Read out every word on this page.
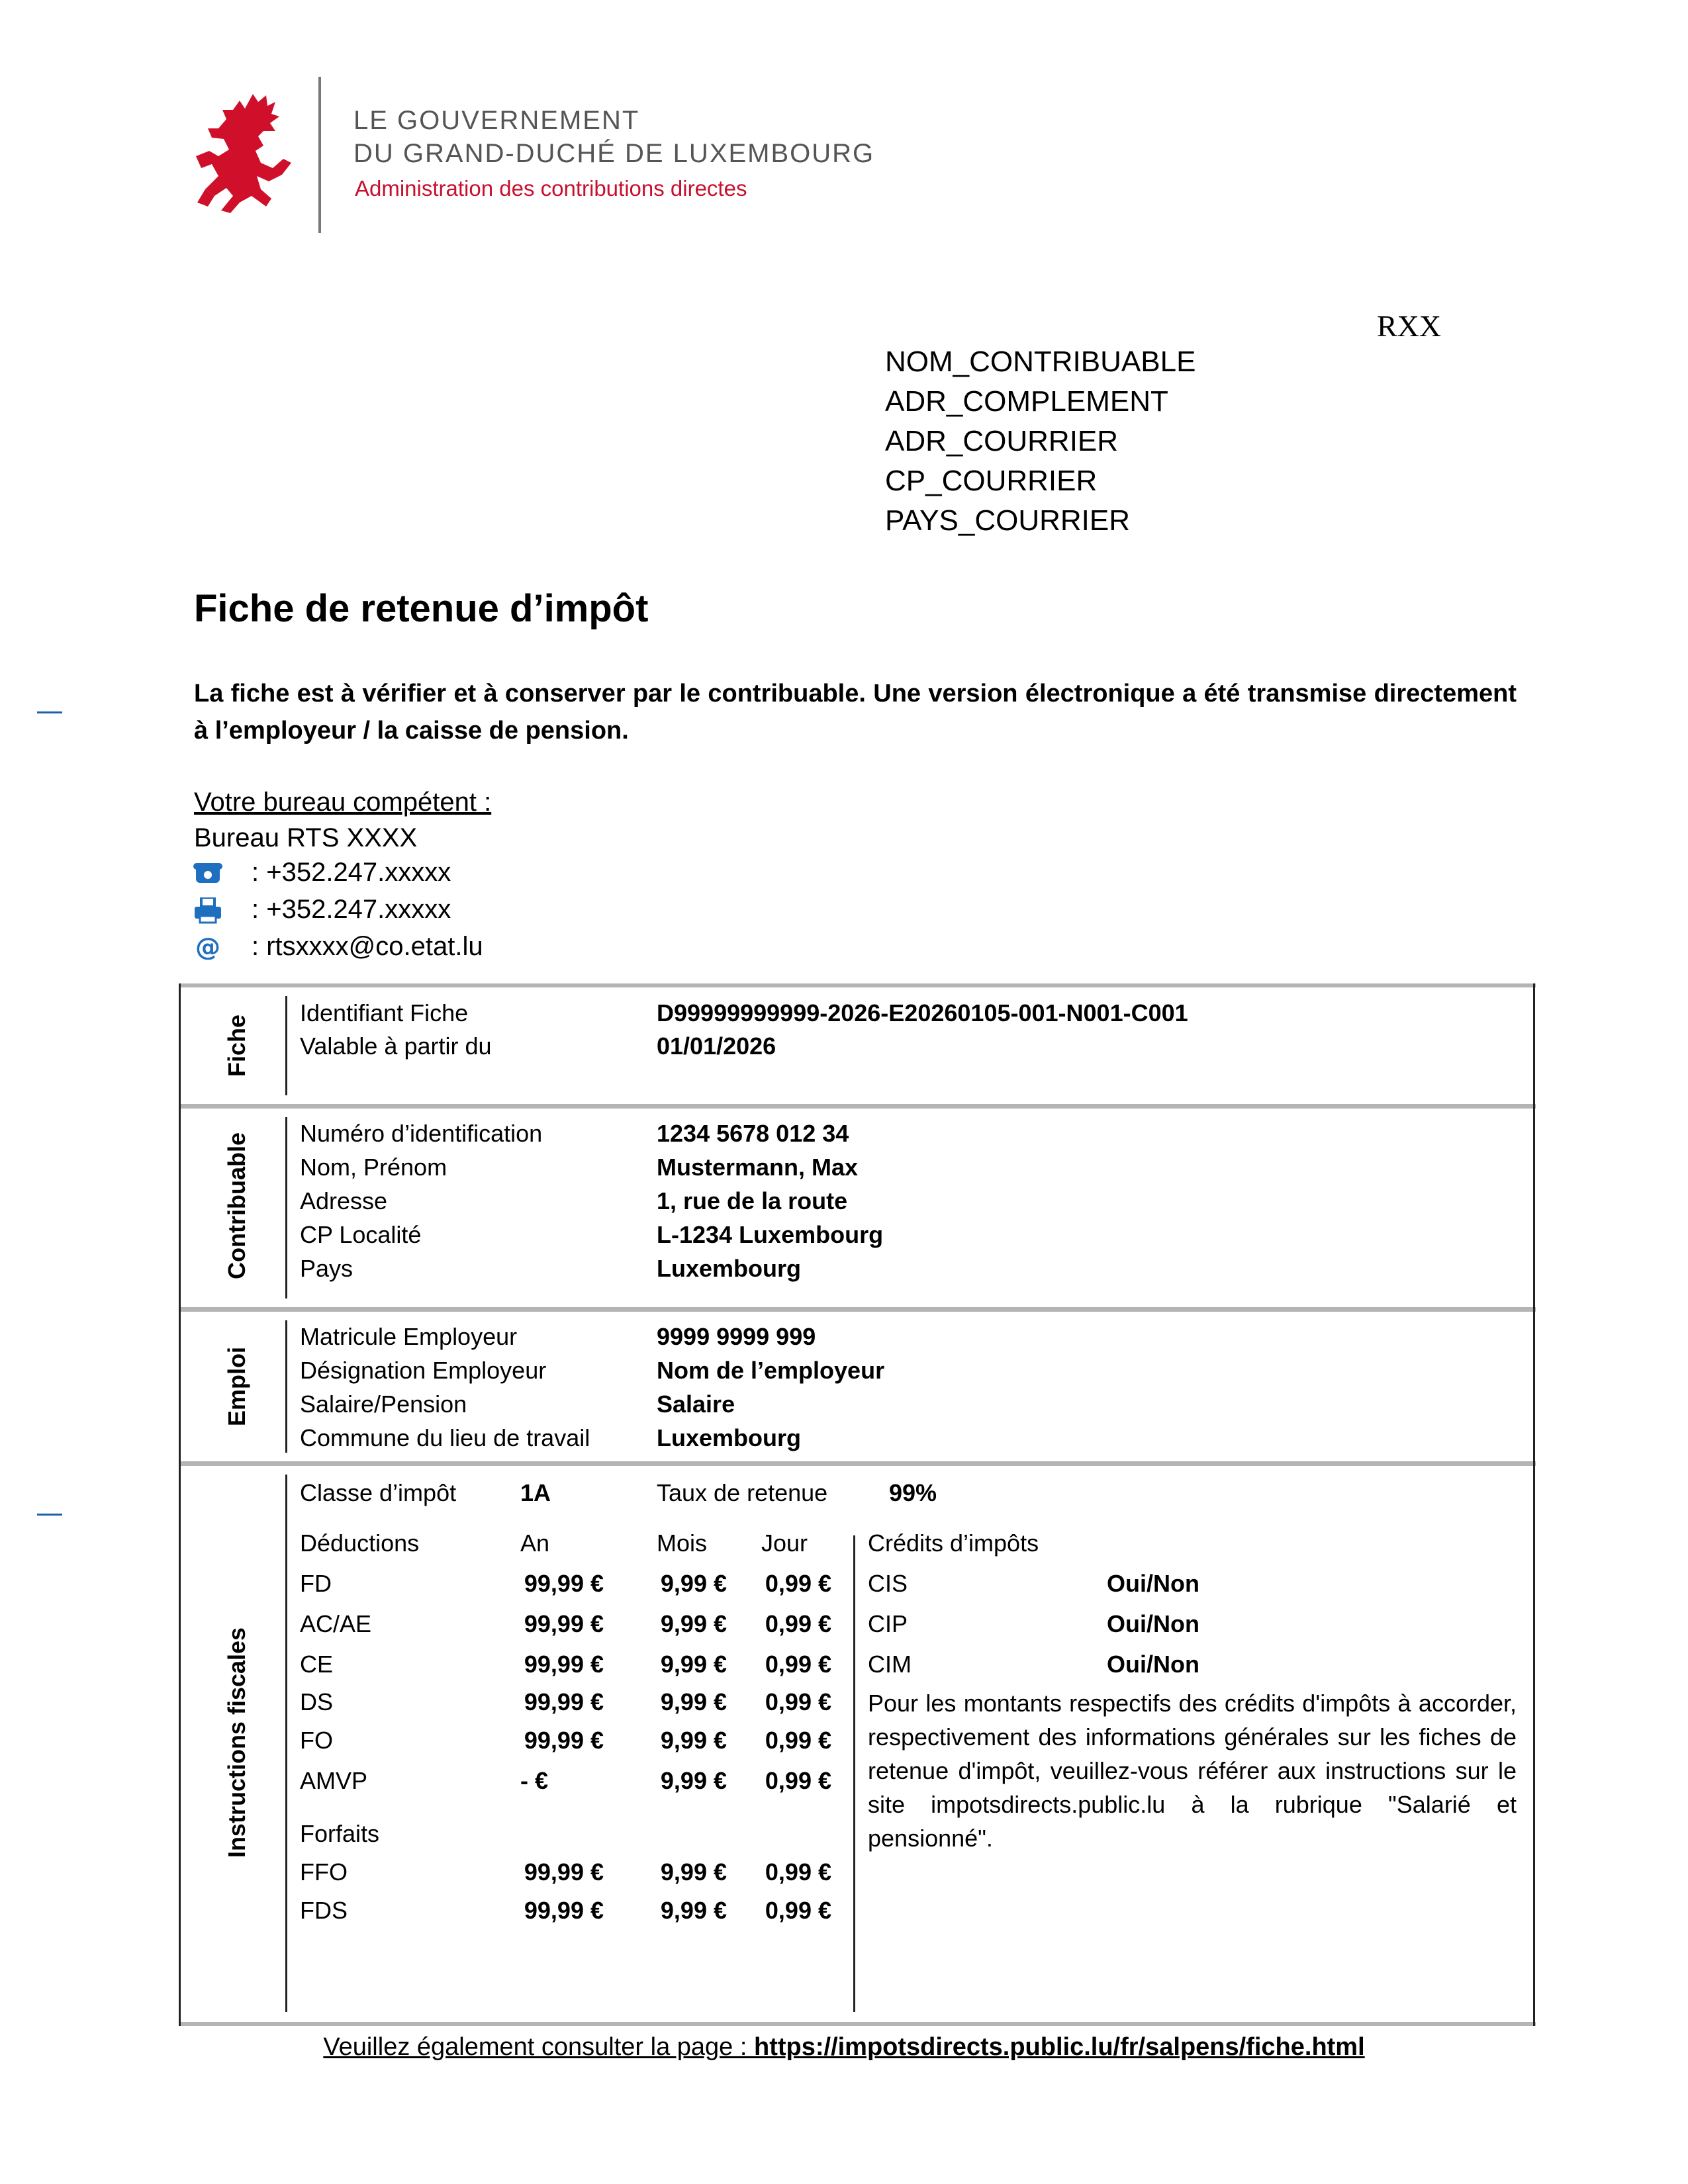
LE GOUVERNEMENT
DU GRAND-DUCHÉ DE LUXEMBOURG
Administration des contributions directes
RXX
NOM_CONTRIBUABLE
ADR_COMPLEMENT
ADR_COURRIER
CP_COURRIER
PAYS_COURRIER
Fiche de retenue d’impôt
La fiche est à vérifier et à conserver par le contribuable. Une version électronique a été transmise directement à l’employeur / la caisse de pension.
Votre bureau compétent :
Bureau RTS XXXX
: +352.247.xxxxx
: +352.247.xxxxx
@ : rtsxxxx@co.etat.lu
Fiche
Identifiant Fiche	D99999999999-2026-E20260105-001-N001-C001
Valable à partir du	01/01/2026
Contribuable Numéro d’identification	1234 5678 012 34
Nom, Prénom	Mustermann, Max
Adresse	1, rue de la route
CP Localité	L-1234 Luxembourg
Pays	Luxembourg
Emploi
Matricule Employeur	9999 9999 999
Désignation Employeur	Nom de l’employeur
Salaire/Pension	Salaire
Commune du lieu de travail	Luxembourg
Instructions fiscales
Classe d’impôt	1A	Taux de retenue	99%
Déductions	An	Mois Jour	Crédits d’impôts
FD	99,99 €	9,99 €	0,99 €
AC/AE	99,99 €	9,99 €	0,99 €
CE	99,99 €	9,99 €	0,99 €
DS	99,99 €	9,99 €	0,99 €
FO	99,99 €	9,99 €	0,99 €
AMVP	- €	9,99 €	0,99 €
Forfaits
FFO	99,99 €	9,99 €	0,99 €
FDS	99,99 €	9,99 €	0,99 €
CIS	Oui/Non
CIP	Oui/Non
CIM	Oui/Non
Pour les montants respectifs des crédits d'impôts à accorder, respectivement des informations générales sur les fiches de retenue d'impôt, veuillez-vous référer aux instructions sur le site impotsdirects.public.lu à la rubrique "Salarié et pensionné".
Veuillez également consulter la page : https://impotsdirects.public.lu/fr/salpens/fiche.html
